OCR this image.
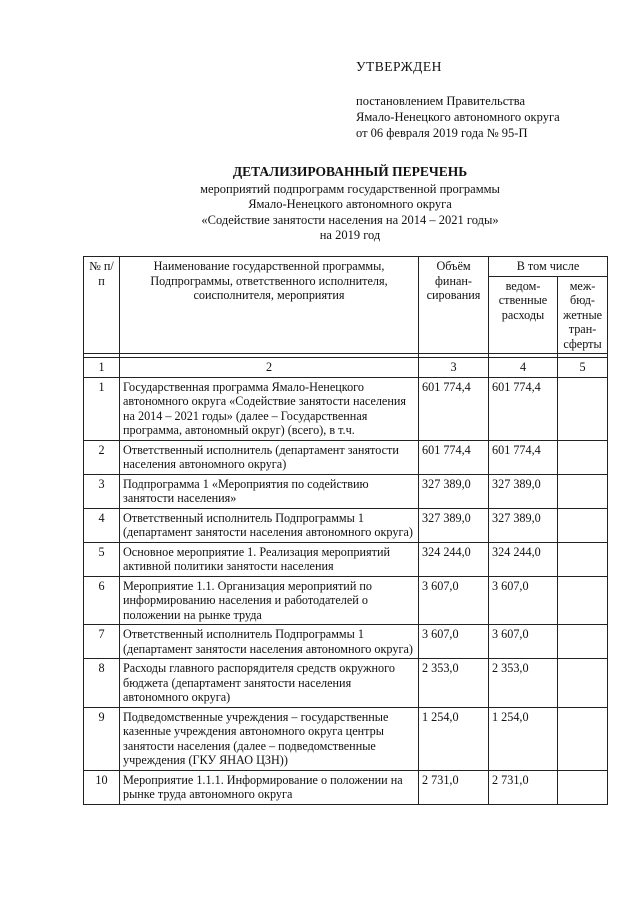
УТВЕРЖДЕН
постановлением Правительства
Ямало-Ненецкого автономного округа
от 06 февраля 2019 года № 95-П
ДЕТАЛИЗИРОВАННЫЙ ПЕРЕЧЕНЬ
мероприятий подпрограмм государственной программы
Ямало-Ненецкого автономного округа
«Содействие занятости населения на 2014 – 2021 годы»
на 2019 год
№ п/п	Наименование государственной программы, Подпрограммы, ответственного исполнителя, соисполнителя, мероприятия	Объём финан-сирования	В том числе	
			ведом-ственные расходы	меж-бюд-жетные тран-сферты

1	2	3	4	5
1	Государственная программа Ямало-Ненецкого автономного округа «Содействие занятости населения на 2014 – 2021 годы» (далее – Государственная программа, автономный округ) (всего), в т.ч.	601 774,4	601 774,4	
2	Ответственный исполнитель (департамент занятости населения автономного округа)	601 774,4	601 774,4	
3	Подпрограмма 1 «Мероприятия по содействию занятости населения»	327 389,0	327 389,0	
4	Ответственный исполнитель Подпрограммы 1 (департамент занятости населения автономного округа)	327 389,0	327 389,0	
5	Основное мероприятие 1. Реализация мероприятий активной политики занятости населения	324 244,0	324 244,0	
6	Мероприятие 1.1. Организация мероприятий по информированию населения и работодателей о положении на рынке труда	3 607,0	3 607,0	
7	Ответственный исполнитель Подпрограммы 1 (департамент занятости населения автономного округа)	3 607,0	3 607,0	
8	Расходы главного распорядителя средств окружного бюджета (департамент занятости населения автономного округа)	2 353,0	2 353,0	
9	Подведомственные учреждения – государственные казенные учреждения автономного округа центры занятости населения (далее – подведомственные учреждения (ГКУ ЯНАО ЦЗН))	1 254,0	1 254,0	
10	Мероприятие 1.1.1. Информирование о положении на рынке труда автономного округа	2 731,0	2 731,0	
